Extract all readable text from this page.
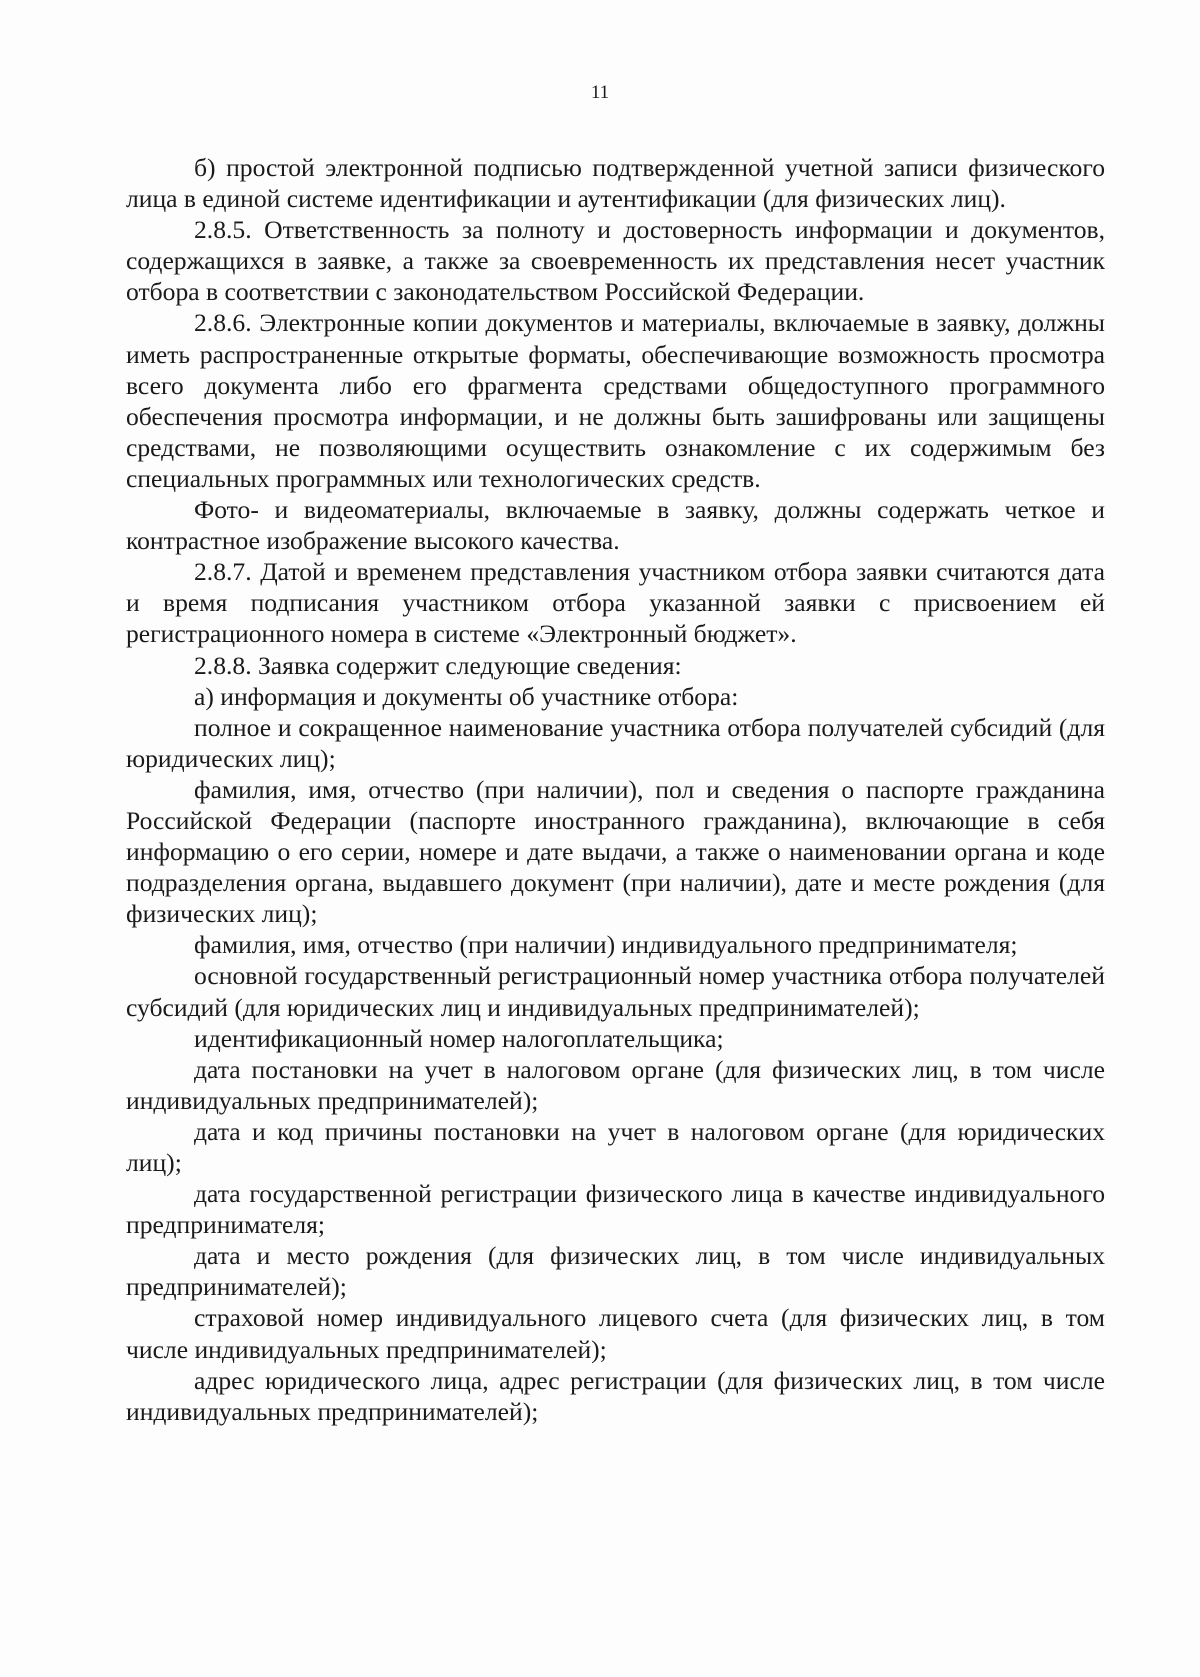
11

б) простой электронной подписью подтвержденной учетной записи физического лица в единой системе идентификации и аутентификации (для физических лиц).

2.8.5. Ответственность за полноту и достоверность информации и документов, содержащихся в заявке, а также за своевременность их представления несет участник отбора в соответствии с законодательством Российской Федерации.

2.8.6. Электронные копии документов и материалы, включаемые в заявку, должны иметь распространенные открытые форматы, обеспечивающие возможность просмотра всего документа либо его фрагмента средствами общедоступного программного обеспечения просмотра информации, и не должны быть зашифрованы или защищены средствами, не позволяющими осуществить ознакомление с их содержимым без специальных программных или технологических средств.

Фото- и видеоматериалы, включаемые в заявку, должны содержать четкое и контрастное изображение высокого качества.

2.8.7. Датой и временем представления участником отбора заявки считаются дата и время подписания участником отбора указанной заявки с присвоением ей регистрационного номера в системе «Электронный бюджет».

2.8.8. Заявка содержит следующие сведения:

а) информация и документы об участнике отбора:

полное и сокращенное наименование участника отбора получателей субсидий (для юридических лиц);

фамилия, имя, отчество (при наличии), пол и сведения о паспорте гражданина Российской Федерации (паспорте иностранного гражданина), включающие в себя информацию о его серии, номере и дате выдачи, а также о наименовании органа и коде подразделения органа, выдавшего документ (при наличии), дате и месте рождения (для физических лиц);

фамилия, имя, отчество (при наличии) индивидуального предпринимателя;

основной государственный регистрационный номер участника отбора получателей субсидий (для юридических лиц и индивидуальных предпринимателей);

идентификационный номер налогоплательщика;

дата постановки на учет в налоговом органе (для физических лиц, в том числе индивидуальных предпринимателей);

дата и код причины постановки на учет в налоговом органе (для юридических лиц);

дата государственной регистрации физического лица в качестве индивидуального предпринимателя;

дата и место рождения (для физических лиц, в том числе индивидуальных предпринимателей);

страховой номер индивидуального лицевого счета (для физических лиц, в том числе индивидуальных предпринимателей);

адрес юридического лица, адрес регистрации (для физических лиц, в том числе индивидуальных предпринимателей);
